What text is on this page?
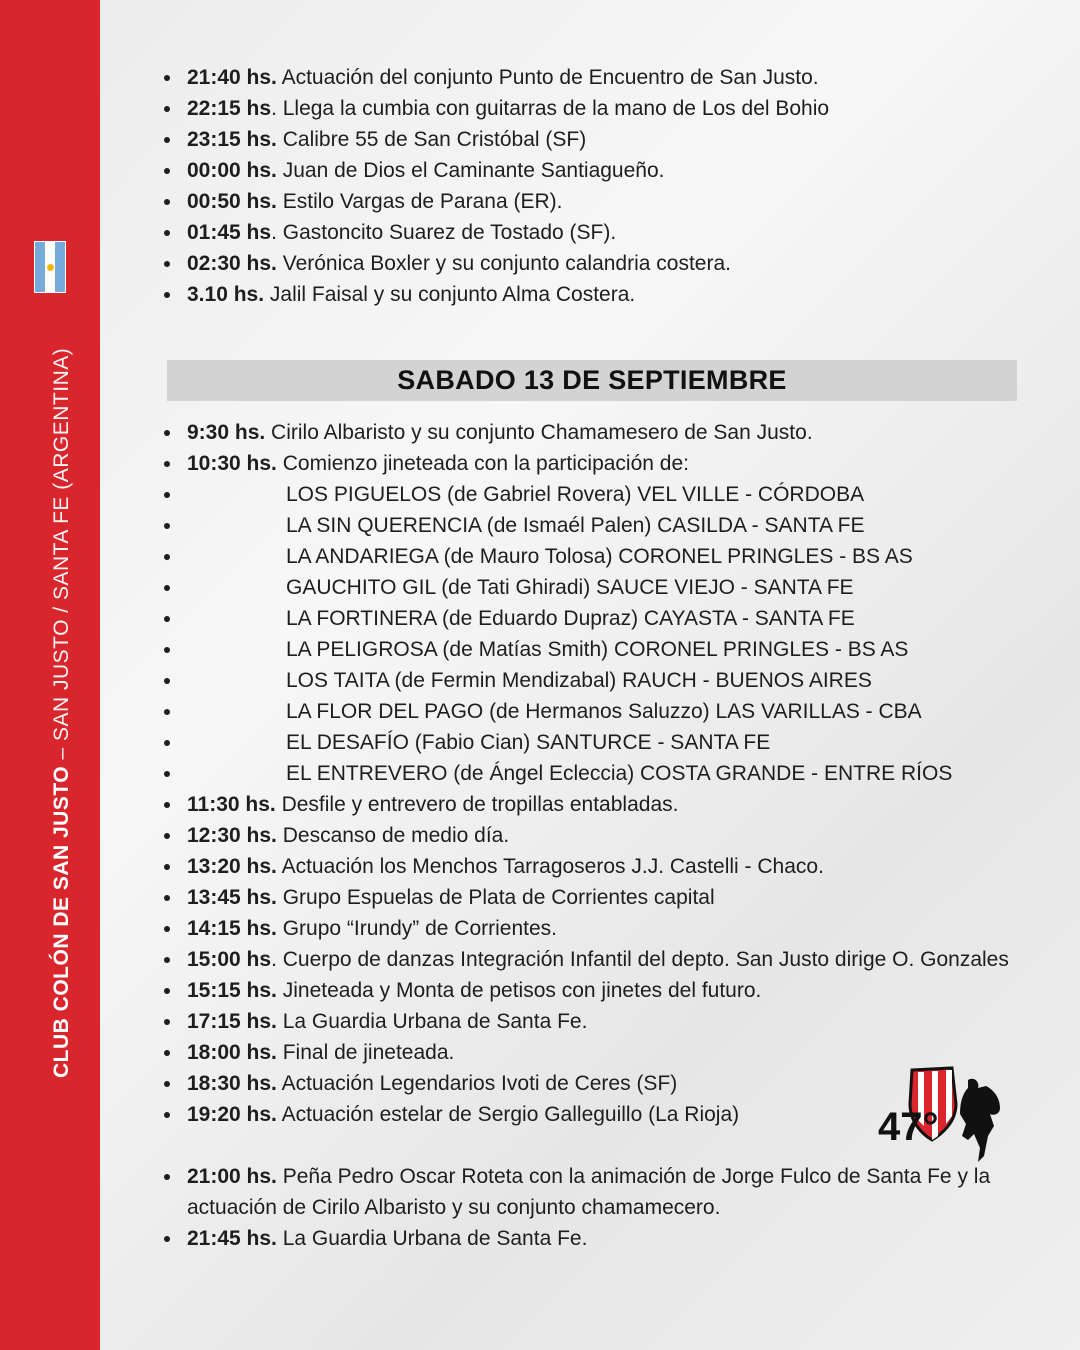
CLUB COLÓN DE SAN JUSTO – SAN JUSTO / SANTA FE (ARGENTINA)
21:40 hs. Actuación del conjunto Punto de Encuentro de San Justo.
22:15 hs. Llega la cumbia con guitarras de la mano de Los del Bohio
23:15 hs. Calibre 55 de San Cristóbal (SF)
00:00 hs. Juan de Dios el Caminante Santiagueño.
00:50 hs. Estilo Vargas de Parana (ER).
01:45 hs. Gastoncito Suarez de Tostado (SF).
02:30 hs. Verónica Boxler y su conjunto calandria costera.
3.10 hs. Jalil Faisal y su conjunto Alma Costera.
SABADO 13 DE SEPTIEMBRE
9:30 hs. Cirilo Albaristo y su conjunto Chamamesero de San Justo.
10:30 hs. Comienzo jineteada con la participación de:
LOS PIGUELOS (de Gabriel Rovera) VEL VILLE - CÓRDOBA
LA SIN QUERENCIA (de Ismaél Palen) CASILDA - SANTA FE
LA ANDARIEGA (de Mauro Tolosa) CORONEL PRINGLES - BS AS
GAUCHITO GIL (de Tati Ghiradi) SAUCE VIEJO - SANTA FE
LA FORTINERA (de Eduardo Dupraz) CAYASTA - SANTA FE
LA PELIGROSA (de Matías Smith) CORONEL PRINGLES - BS AS
LOS TAITA (de Fermin Mendizabal) RAUCH - BUENOS AIRES
LA FLOR DEL PAGO (de Hermanos Saluzzo) LAS VARILLAS - CBA
EL DESAFÍO (Fabio Cian) SANTURCE - SANTA FE
EL ENTREVERO (de Ángel Ecleccia) COSTA GRANDE - ENTRE RÍOS
11:30 hs. Desfile y entrevero de tropillas entabladas.
12:30 hs. Descanso de medio día.
13:20 hs. Actuación los Menchos Tarragoseros J.J. Castelli - Chaco.
13:45 hs. Grupo Espuelas de Plata de Corrientes capital
14:15 hs. Grupo “Irundy” de Corrientes.
15:00 hs. Cuerpo de danzas Integración Infantil del depto. San Justo dirige O. Gonzales
15:15 hs. Jineteada y Monta de petisos con jinetes del futuro.
17:15 hs. La Guardia Urbana de Santa Fe.
18:00 hs. Final de jineteada.
18:30 hs. Actuación Legendarios Ivoti de Ceres (SF)
19:20 hs. Actuación estelar de Sergio Galleguillo (La Rioja)
21:00 hs. Peña Pedro Oscar Roteta con la animación de Jorge Fulco de Santa Fe y la actuación de Cirilo Albaristo y su conjunto chamamecero.
21:45 hs. La Guardia Urbana de Santa Fe.
47°
